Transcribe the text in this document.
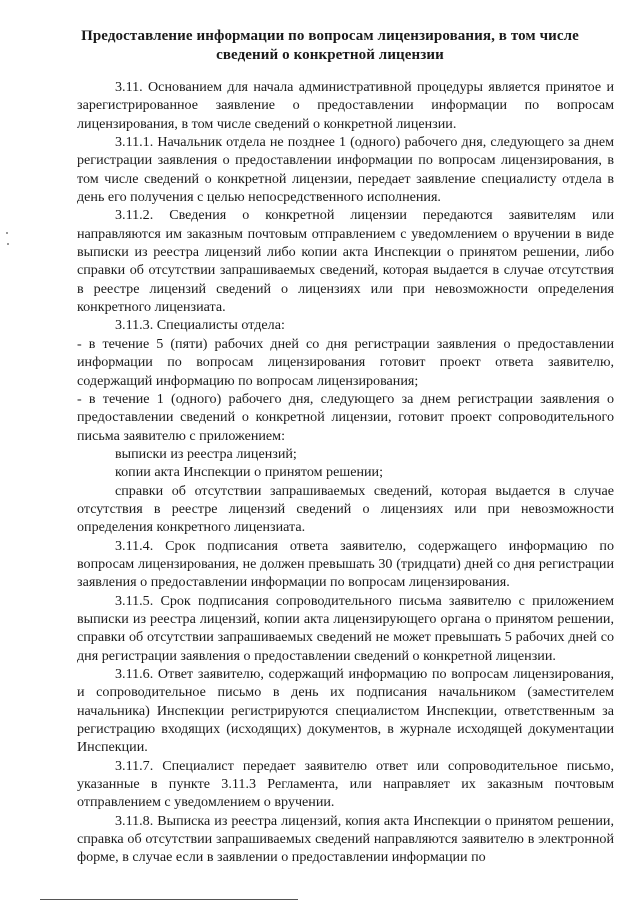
Предоставление информации по вопросам лицензирования, в том числе
сведений о конкретной лицензии

3.11. Основанием для начала административной процедуры является принятое и зарегистрированное заявление о предоставлении информации по вопросам лицензирования, в том числе сведений о конкретной лицензии.

3.11.1. Начальник отдела не позднее 1 (одного) рабочего дня, следующего за днем регистрации заявления о предоставлении информации по вопросам лицензирования, в том числе сведений о конкретной лицензии, передает заявление специалисту отдела в день его получения с целью непосредственного исполнения.

3.11.2. Сведения о конкретной лицензии передаются заявителям или направляются им заказным почтовым отправлением с уведомлением о вручении в виде выписки из реестра лицензий либо копии акта Инспекции о принятом решении, либо справки об отсутствии запрашиваемых сведений, которая выдается в случае отсутствия в реестре лицензий сведений о лицензиях или при невозможности определения конкретного лицензиата.

3.11.3. Специалисты отдела:

- в течение 5 (пяти) рабочих дней со дня регистрации заявления о предоставлении информации по вопросам лицензирования готовит проект ответа заявителю, содержащий информацию по вопросам лицензирования;

- в течение 1 (одного) рабочего дня, следующего за днем регистрации заявления о предоставлении сведений о конкретной лицензии, готовит проект сопроводительного письма заявителю с приложением:

выписки из реестра лицензий;

копии акта Инспекции о принятом решении;

справки об отсутствии запрашиваемых сведений, которая выдается в случае отсутствия в реестре лицензий сведений о лицензиях или при невозможности определения конкретного лицензиата.

3.11.4. Срок подписания ответа заявителю, содержащего информацию по вопросам лицензирования, не должен превышать 30 (тридцати) дней со дня регистрации заявления о предоставлении информации по вопросам лицензирования.

3.11.5. Срок подписания сопроводительного письма заявителю с приложением выписки из реестра лицензий, копии акта лицензирующего органа о принятом решении, справки об отсутствии запрашиваемых сведений не может превышать 5 рабочих дней со дня регистрации заявления о предоставлении сведений о конкретной лицензии.

3.11.6. Ответ заявителю, содержащий информацию по вопросам лицензирования, и сопроводительное письмо в день их подписания начальником (заместителем начальника) Инспекции регистрируются специалистом Инспекции, ответственным за регистрацию входящих (исходящих) документов, в журнале исходящей документации Инспекции.

3.11.7. Специалист передает заявителю ответ или сопроводительное письмо, указанные в пункте 3.11.3 Регламента, или направляет их заказным почтовым отправлением с уведомлением о вручении.

3.11.8. Выписка из реестра лицензий, копия акта Инспекции о принятом решении, справка об отсутствии запрашиваемых сведений направляются заявителю в электронной форме, в случае если в заявлении о предоставлении информации по
